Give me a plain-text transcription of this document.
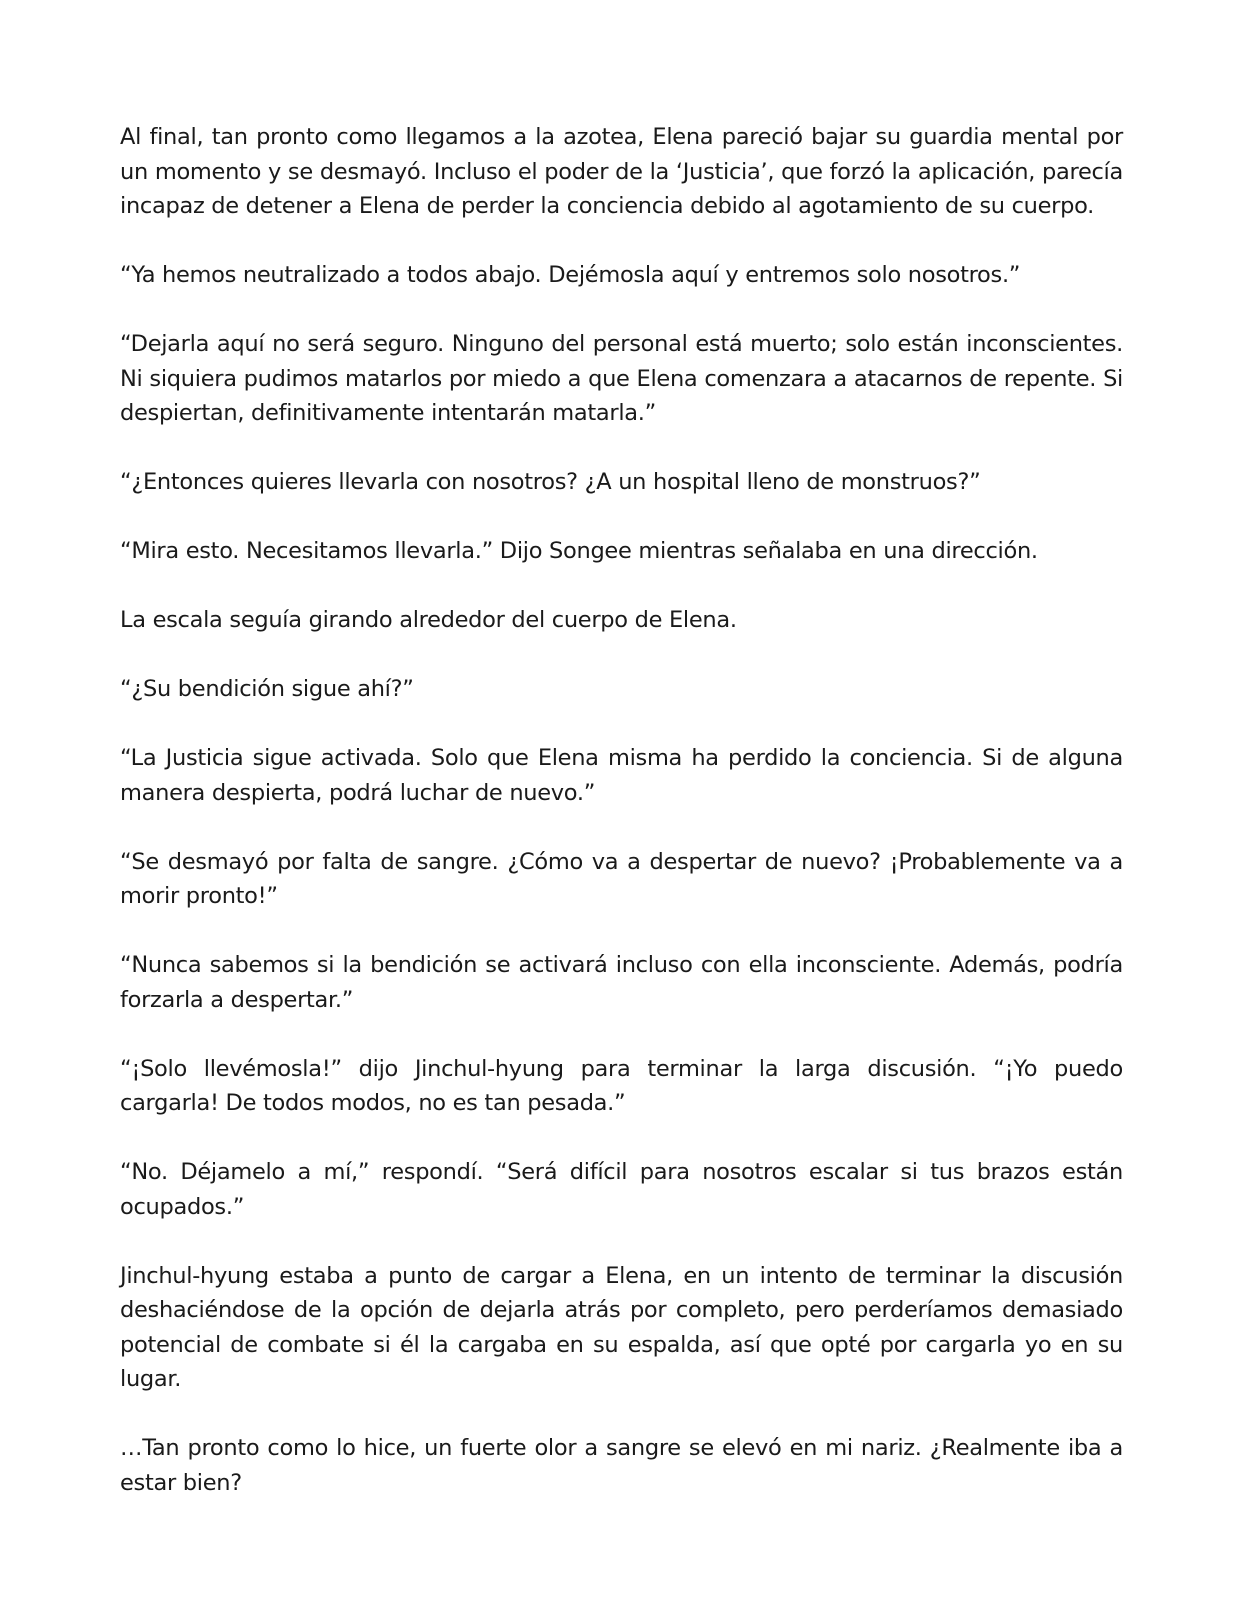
Al final, tan pronto como llegamos a la azotea, Elena pareció bajar su guardia mental por un momento y se desmayó. Incluso el poder de la ‘Justicia’, que forzó la aplicación, parecía incapaz de detener a Elena de perder la conciencia debido al agotamiento de su cuerpo.

“Ya hemos neutralizado a todos abajo. Dejémosla aquí y entremos solo nosotros.”

“Dejarla aquí no será seguro. Ninguno del personal está muerto; solo están inconscientes. Ni siquiera pudimos matarlos por miedo a que Elena comenzara a atacarnos de repente. Si despiertan, definitivamente intentarán matarla.”

“¿Entonces quieres llevarla con nosotros? ¿A un hospital lleno de monstruos?”

“Mira esto. Necesitamos llevarla.” Dijo Songee mientras señalaba en una dirección.

La escala seguía girando alrededor del cuerpo de Elena.

“¿Su bendición sigue ahí?”

“La Justicia sigue activada. Solo que Elena misma ha perdido la conciencia. Si de alguna manera despierta, podrá luchar de nuevo.”

“Se desmayó por falta de sangre. ¿Cómo va a despertar de nuevo? ¡Probablemente va a morir pronto!”

“Nunca sabemos si la bendición se activará incluso con ella inconsciente. Además, podría forzarla a despertar.”

“¡Solo llevémosla!” dijo Jinchul-hyung para terminar la larga discusión. “¡Yo puedo cargarla! De todos modos, no es tan pesada.”

“No. Déjamelo a mí,” respondí. “Será difícil para nosotros escalar si tus brazos están ocupados.”

Jinchul-hyung estaba a punto de cargar a Elena, en un intento de terminar la discusión deshaciéndose de la opción de dejarla atrás por completo, pero perderíamos demasiado potencial de combate si él la cargaba en su espalda, así que opté por cargarla yo en su lugar.

…Tan pronto como lo hice, un fuerte olor a sangre se elevó en mi nariz. ¿Realmente iba a estar bien?
